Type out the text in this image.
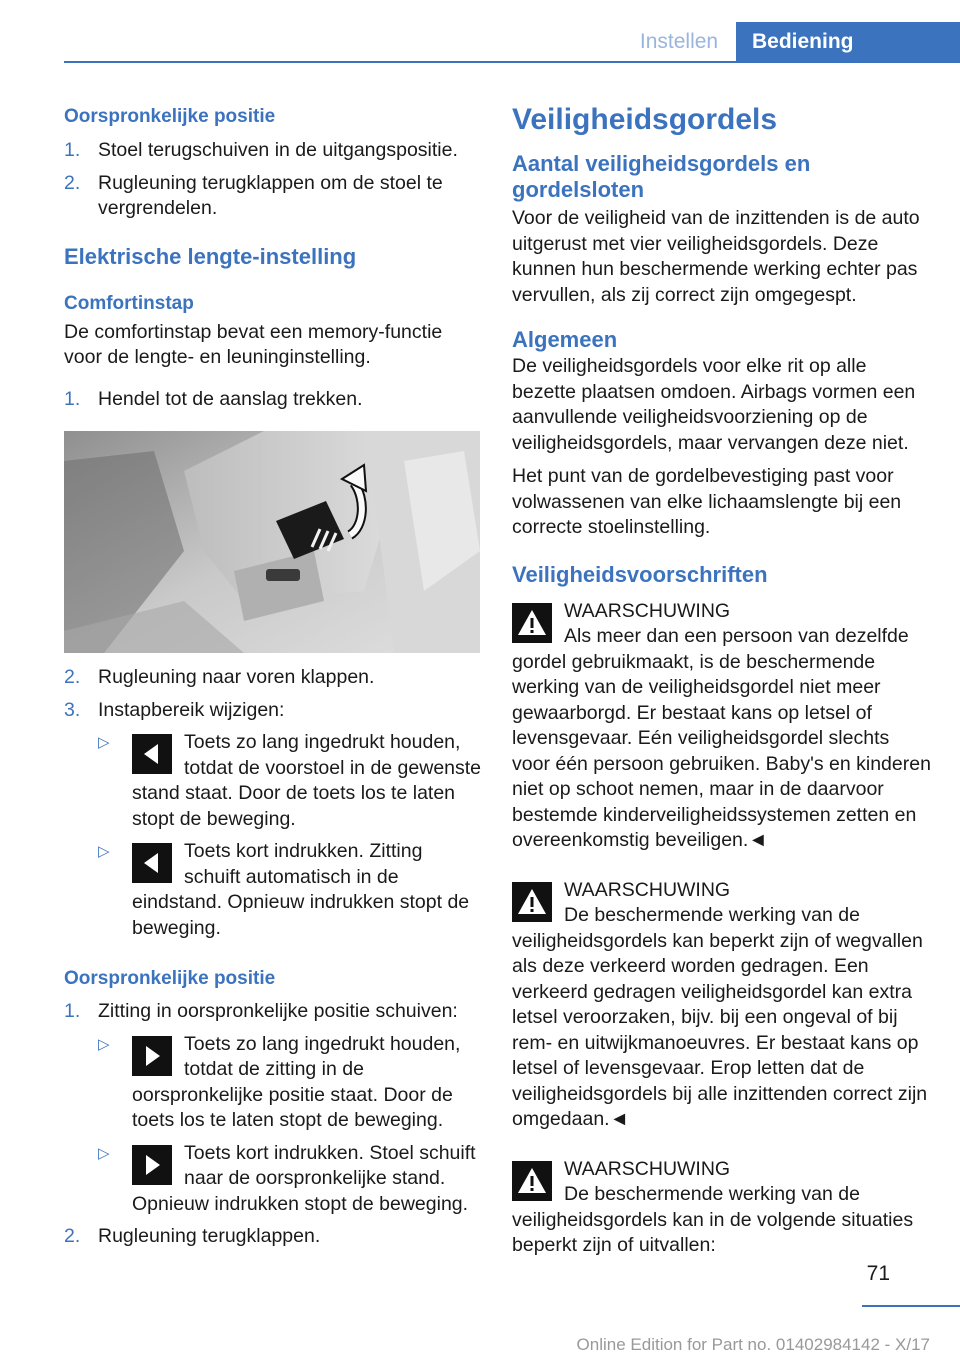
Instellen	Bediening
Oorspronkelijke positie
1. Stoel terugschuiven in de uitgangspositie.
2. Rugleuning terugklappen om de stoel te vergrendelen.
Elektrische lengte-instelling
Comfortinstap

De comfortinstap bevat een memory-functie voor de lengte- en leuninginstelling.

1. Hendel tot de aanslag trekken.
2. Rugleuning naar voren klappen.
3. Instapbereik wijzigen:
▷	Toets zo lang ingedrukt houden, totdat de voorstoel in de gewenste stand staat. Door de toets los te laten stopt de beweging.
▷	Toets kort indrukken. Zitting schuift automatisch in de eindstand. Opnieuw indrukken stopt de beweging.
Oorspronkelijke positie
1. Zitting in oorspronkelijke positie schuiven:
▷	Toets zo lang ingedrukt houden, totdat de zitting in de oorspronkelijke positie staat. Door de toets los te laten stopt de beweging.
▷	Toets kort indrukken. Stoel schuift naar de oorspronkelijke stand. Opnieuw indrukken stopt de beweging.
2. Rugleuning terugklappen.
Veiligheidsgordels
Aantal veiligheidsgordels en gordelsloten

Voor de veiligheid van de inzittenden is de auto uitgerust met vier veiligheidsgordels. Deze kunnen hun beschermende werking echter pas vervullen, als zij correct zijn omgegespt.

Algemeen

De veiligheidsgordels voor elke rit op alle bezette plaatsen omdoen. Airbags vormen een aanvullende veiligheidsvoorziening op de veiligheidsgordels, maar vervangen deze niet.

Het punt van de gordelbevestiging past voor volwassenen van elke lichaamslengte bij een correcte stoelinstelling.

Veiligheidsvoorschriften

WAARSCHUWING
Als meer dan een persoon van dezelfde gordel gebruikmaakt, is de beschermende werking van de veiligheidsgordel niet meer gewaarborgd. Er bestaat kans op letsel of levensgevaar. Eén veiligheidsgordel slechts voor één persoon gebruiken. Baby's en kinderen niet op schoot nemen, maar in de daarvoor bestemde kinderveiligheidssystemen zetten en overeenkomstig beveiligen.◄

WAARSCHUWING
De beschermende werking van de veiligheidsgordels kan beperkt zijn of wegvallen als deze verkeerd worden gedragen. Een verkeerd gedragen veiligheidsgordel kan extra letsel veroorzaken, bijv. bij een ongeval of bij rem- en uitwijkmanoeuvres. Er bestaat kans op letsel of levensgevaar. Erop letten dat de veiligheidsgordels bij alle inzittenden correct zijn omgedaan.◄

WAARSCHUWING
De beschermende werking van de veiligheidsgordels kan in de volgende situaties beperkt zijn of uitvallen:

71
Online Edition for Part no. 01402984142 - X/17
